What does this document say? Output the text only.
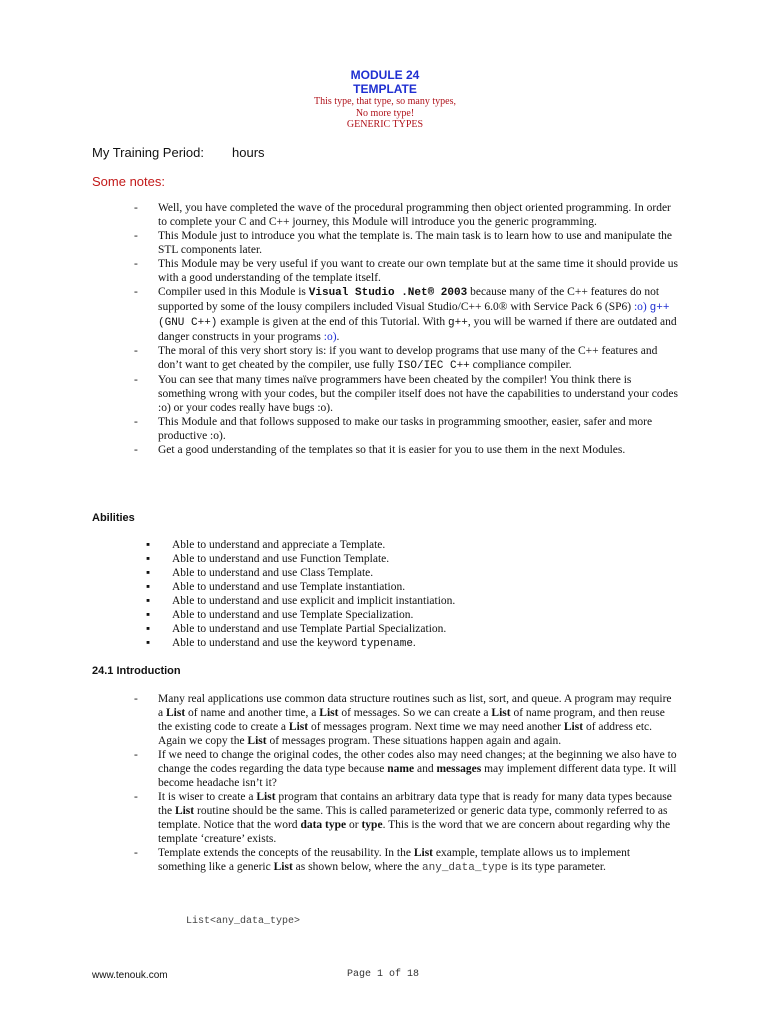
MODULE 24
TEMPLATE
This type, that type, so many types,
No more type!
GENERIC TYPES
My Training Period: hours
Some notes:
- Well, you have completed the wave of the procedural programming then object oriented programming. In order to complete your C and C++ journey, this Module will introduce you the generic programming.
- This Module just to introduce you what the template is. The main task is to learn how to use and manipulate the STL components later.
- This Module may be very useful if you want to create our own template but at the same time it should provide us with a good understanding of the template itself.
- Compiler used in this Module is Visual Studio .Net® 2003 because many of the C++ features do not supported by some of the lousy compilers included Visual Studio/C++ 6.0® with Service Pack 6 (SP6) :o) g++ (GNU C++) example is given at the end of this Tutorial. With g++, you will be warned if there are outdated and danger constructs in your programs :o).
- The moral of this very short story is: if you want to develop programs that use many of the C++ features and don’t want to get cheated by the compiler, use fully ISO/IEC C++ compliance compiler.
- You can see that many times naïve programmers have been cheated by the compiler! You think there is something wrong with your codes, but the compiler itself does not have the capabilities to understand your codes :o) or your codes really have bugs :o).
- This Module and that follows supposed to make our tasks in programming smoother, easier, safer and more productive :o).
- Get a good understanding of the templates so that it is easier for you to use them in the next Modules.
Abilities
▪ Able to understand and appreciate a Template.
▪ Able to understand and use Function Template.
▪ Able to understand and use Class Template.
▪ Able to understand and use Template instantiation.
▪ Able to understand and use explicit and implicit instantiation.
▪ Able to understand and use Template Specialization.
▪ Able to understand and use Template Partial Specialization.
▪ Able to understand and use the keyword typename.
24.1 Introduction
- Many real applications use common data structure routines such as list, sort, and queue. A program may require a List of name and another time, a List of messages. So we can create a List of name program, and then reuse the existing code to create a List of messages program. Next time we may need another List of address etc. Again we copy the List of messages program. These situations happen again and again.
- If we need to change the original codes, the other codes also may need changes; at the beginning we also have to change the codes regarding the data type because name and messages may implement different data type. It will become headache isn’t it?
- It is wiser to create a List program that contains an arbitrary data type that is ready for many data types because the List routine should be the same. This is called parameterized or generic data type, commonly referred to as template. Notice that the word data type or type. This is the word that we are concern about regarding why the template ‘creature’ exists.
- Template extends the concepts of the reusability. In the List example, template allows us to implement something like a generic List as shown below, where the any_data_type is its type parameter.
List<any_data_type>
www.tenouk.com	Page 1 of 18
